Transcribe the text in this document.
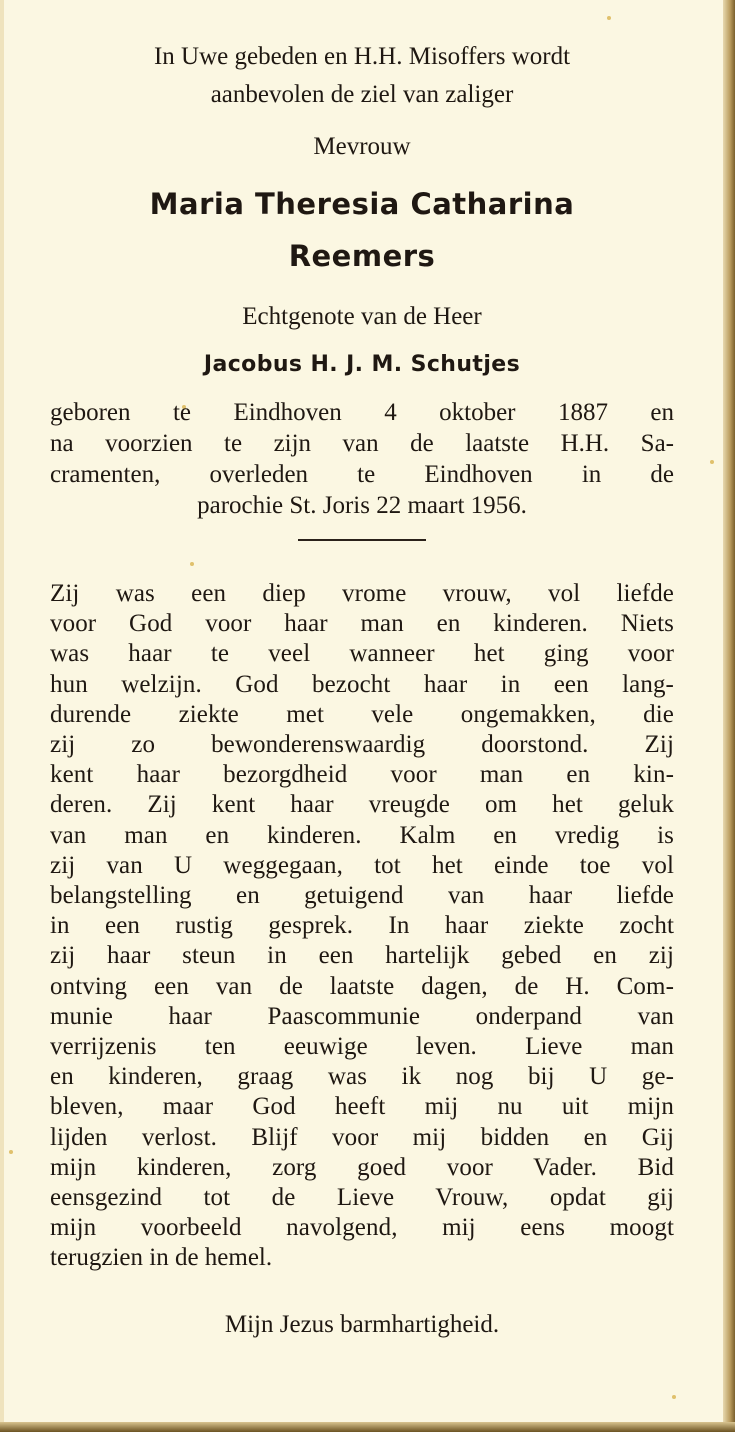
In Uwe gebeden en H.H. Misoffers wordt
aanbevolen de ziel van zaliger
Mevrouw
Maria Theresia Catharina
Reemers
Echtgenote van de Heer
Jacobus H. J. M. Schutjes
geboren te Eindhoven 4 oktober 1887 en
na voorzien te zijn van de laatste H.H. Sa-
cramenten, overleden te Eindhoven in de
parochie St. Joris 22 maart 1956.
Zij was een diep vrome vrouw, vol liefde
voor God voor haar man en kinderen. Niets
was haar te veel wanneer het ging voor
hun welzijn. God bezocht haar in een lang-
durende ziekte met vele ongemakken, die
zij zo bewonderenswaardig doorstond. Zij
kent haar bezorgdheid voor man en kin-
deren. Zij kent haar vreugde om het geluk
van man en kinderen. Kalm en vredig is
zij van U weggegaan, tot het einde toe vol
belangstelling en getuigend van haar liefde
in een rustig gesprek. In haar ziekte zocht
zij haar steun in een hartelijk gebed en zij
ontving een van de laatste dagen, de H. Com-
munie haar Paascommunie onderpand van
verrijzenis ten eeuwige leven. Lieve man
en kinderen, graag was ik nog bij U ge-
bleven, maar God heeft mij nu uit mijn
lijden verlost. Blijf voor mij bidden en Gij
mijn kinderen, zorg goed voor Vader. Bid
eensgezind tot de Lieve Vrouw, opdat gij
mijn voorbeeld navolgend, mij eens moogt
terugzien in de hemel.
Mijn Jezus barmhartigheid.
